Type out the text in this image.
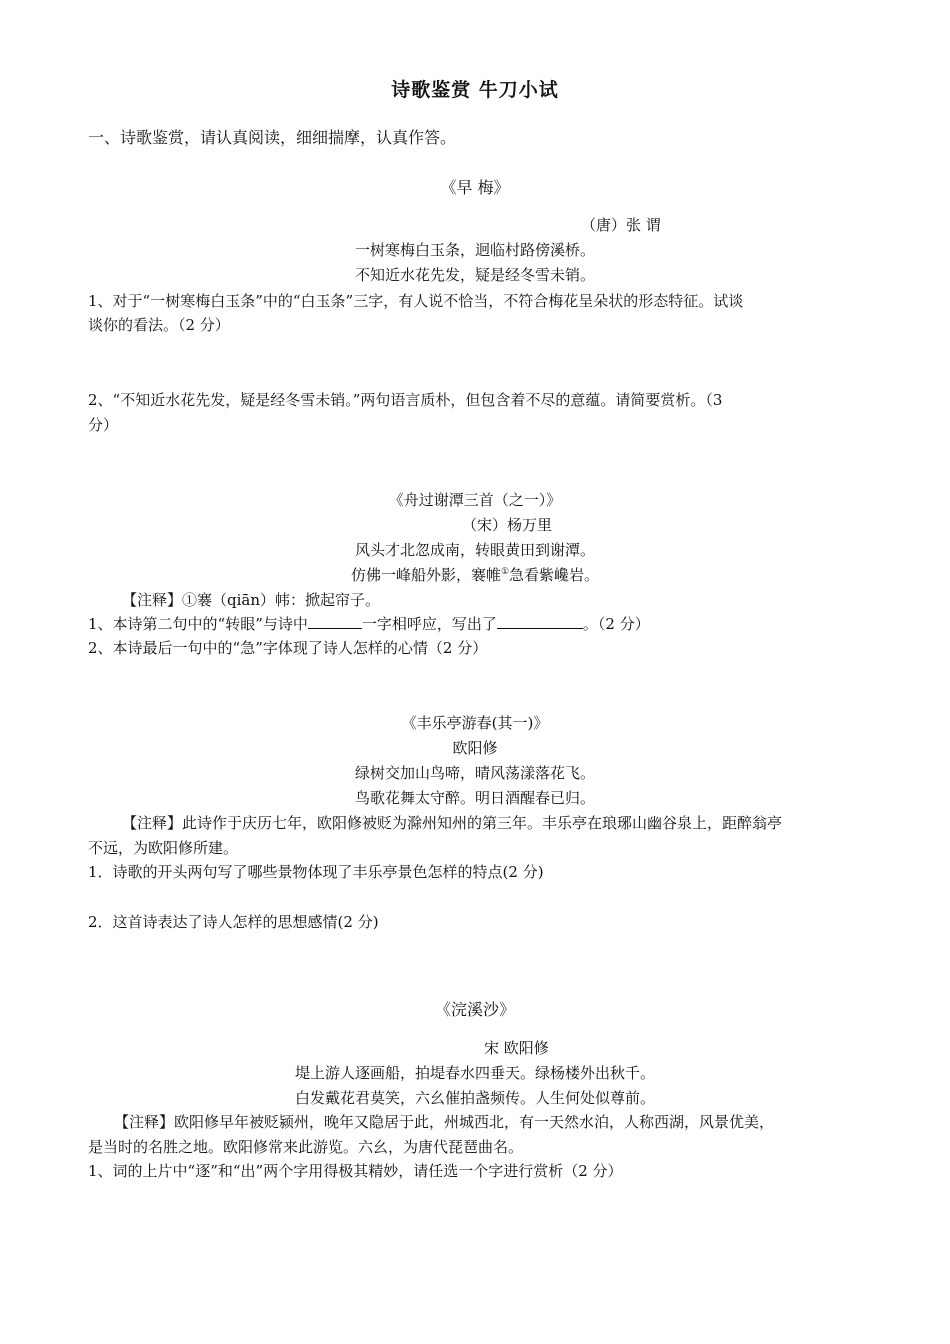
诗歌鉴赏 牛刀小试
一、诗歌鉴赏，请认真阅读，细细揣摩，认真作答。
《早 梅》
（唐）张 谓
一树寒梅白玉条，迥临村路傍溪桥。
不知近水花先发，疑是经冬雪未销。
1、对于“一树寒梅白玉条”中的“白玉条”三字，有人说不恰当，不符合梅花呈朵状的形态特征。试谈
谈你的看法。（2 分）
2、“不知近水花先发，疑是经冬雪未销。”两句语言质朴，但包含着不尽的意蕴。请简要赏析。（3
分）
《舟过谢潭三首（之一）》
（宋）杨万里
风头才北忽成南，转眼黄田到谢潭。
仿佛一峰船外影，褰帷①急看紫巉岩。
【注释】①褰（qiān）帏：掀起帘子。
1、本诗第二句中的“转眼”与诗中	一字相呼应，写出了	。（2 分）
2、本诗最后一句中的“急”字体现了诗人怎样的心情（2 分）
《丰乐亭游春(其一)》
欧阳修
绿树交加山鸟啼，晴风荡漾落花飞。
鸟歌花舞太守醉。明日酒醒春已归。
【注释】此诗作于庆历七年，欧阳修被贬为滁州知州的第三年。丰乐亭在琅琊山幽谷泉上，距醉翁亭
不远，为欧阳修所建。
1．诗歌的开头两句写了哪些景物体现了丰乐亭景色怎样的特点(2 分)
2．这首诗表达了诗人怎样的思想感情(2 分)
《浣溪沙》
宋 欧阳修
堤上游人逐画船，拍堤春水四垂天。绿杨楼外出秋千。
白发戴花君莫笑，六幺催拍盏频传。人生何处似尊前。
【注释】欧阳修早年被贬颍州，晚年又隐居于此，州城西北，有一天然水泊，人称西湖，风景优美，
是当时的名胜之地。欧阳修常来此游览。六幺，为唐代琵琶曲名。
1、词的上片中“逐”和“出”两个字用得极其精妙，请任选一个字进行赏析（2 分）
